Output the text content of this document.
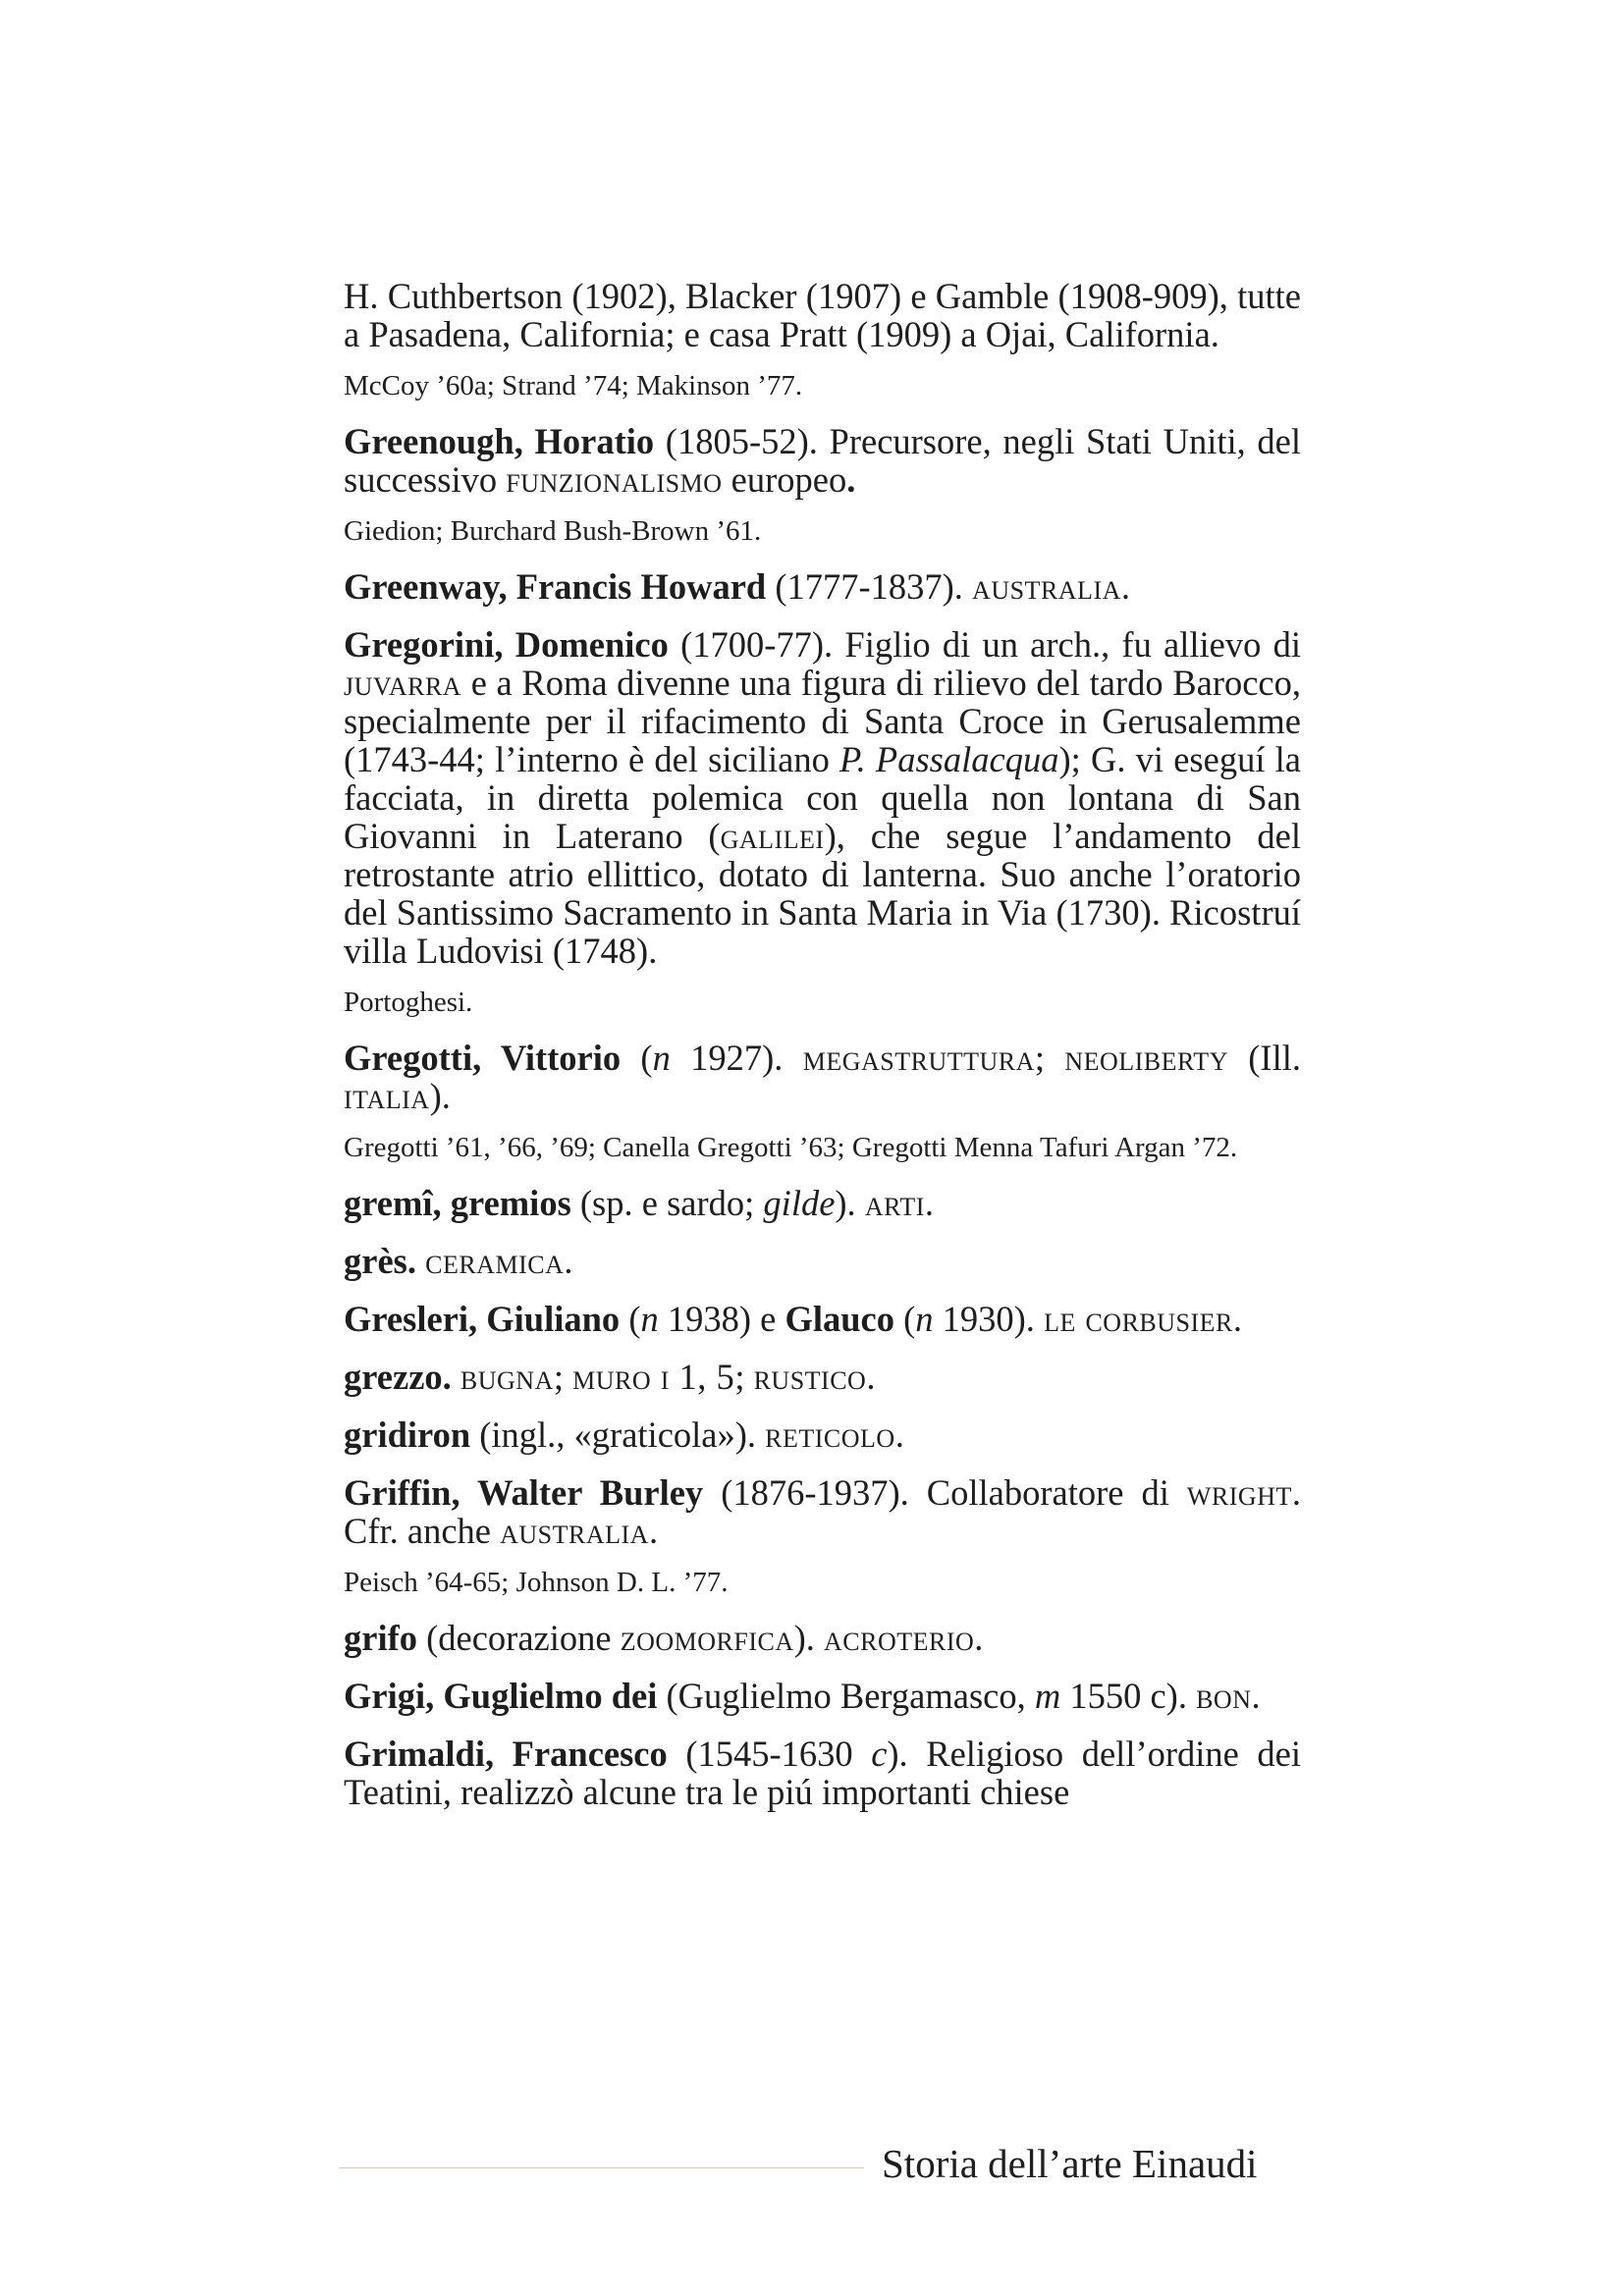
H. Cuthbertson (1902), Blacker (1907) e Gamble (1908-909), tutte a Pasadena, California; e casa Pratt (1909) a Ojai, California.

McCoy ’60a; Strand ’74; Makinson ’77.

Greenough, Horatio (1805-52). Precursore, negli Stati Uniti, del successivo funzionalismo europeo.

Giedion; Burchard Bush-Brown ’61.

Greenway, Francis Howard (1777-1837). australia.

Gregorini, Domenico (1700-77). Figlio di un arch., fu allievo di juvarra e a Roma divenne una figura di rilievo del tardo Barocco, specialmente per il rifacimento di Santa Croce in Gerusalemme (1743-44; l’interno è del siciliano P. Passalacqua); G. vi eseguí la facciata, in diretta polemica con quella non lontana di San Giovanni in Laterano (galilei), che segue l’andamento del retrostante atrio ellittico, dotato di lanterna. Suo anche l’oratorio del Santissimo Sacramento in Santa Maria in Via (1730). Ricostruí villa Ludovisi (1748).

Portoghesi.

Gregotti, Vittorio (n 1927). megastruttura; neoliberty (Ill. italia).

Gregotti ’61, ’66, ’69; Canella Gregotti ’63; Gregotti Menna Tafuri Argan ’72.

gremî, gremios (sp. e sardo; gilde). arti.

grès. ceramica.

Gresleri, Giuliano (n 1938) e Glauco (n 1930). le corbusier.

grezzo. bugna; muro i 1, 5; rustico.

gridiron (ingl., «graticola»). reticolo.

Griffin, Walter Burley (1876-1937). Collaboratore di wright. Cfr. anche australia.

Peisch ’64-65; Johnson D. L. ’77.

grifo (decorazione zoomorfica). acroterio.

Grigi, Guglielmo dei (Guglielmo Bergamasco, m 1550 c). bon.

Grimaldi, Francesco (1545-1630 c). Religioso dell’ordine dei Teatini, realizzò alcune tra le piú importanti chiese

Storia dell’arte Einaudi
